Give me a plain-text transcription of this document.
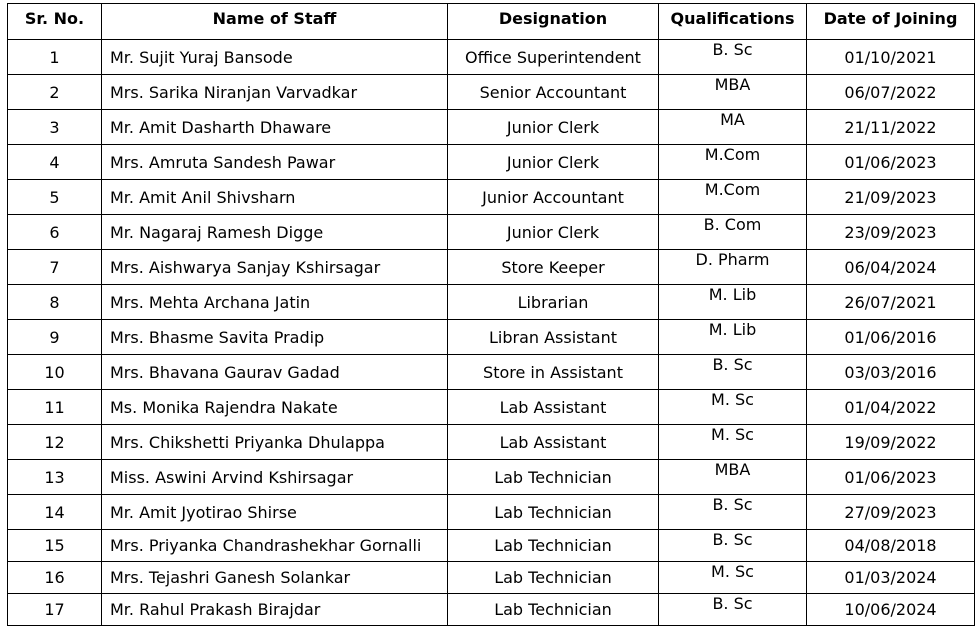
Sr. No.	Name of Staff	Designation	Qualifications	Date of Joining
1	Mr. Sujit Yuraj Bansode	Office Superintendent	B. Sc	01/10/2021
2	Mrs. Sarika Niranjan Varvadkar	Senior Accountant	MBA	06/07/2022
3	Mr. Amit Dasharth Dhaware	Junior Clerk	MA	21/11/2022
4	Mrs. Amruta Sandesh Pawar	Junior Clerk	M.Com	01/06/2023
5	Mr. Amit Anil Shivsharn	Junior Accountant	M.Com	21/09/2023
6	Mr. Nagaraj Ramesh Digge	Junior Clerk	B. Com	23/09/2023
7	Mrs. Aishwarya Sanjay Kshirsagar	Store Keeper	D. Pharm	06/04/2024
8	Mrs. Mehta Archana Jatin	Librarian	M. Lib	26/07/2021
9	Mrs. Bhasme Savita Pradip	Libran Assistant	M. Lib	01/06/2016
10	Mrs. Bhavana Gaurav Gadad	Store in Assistant	B. Sc	03/03/2016
11	Ms. Monika Rajendra Nakate	Lab Assistant	M. Sc	01/04/2022
12	Mrs. Chikshetti Priyanka Dhulappa	Lab Assistant	M. Sc	19/09/2022
13	Miss. Aswini Arvind Kshirsagar	Lab Technician	MBA	01/06/2023
14	Mr. Amit Jyotirao Shirse	Lab Technician	B. Sc	27/09/2023
15	Mrs. Priyanka Chandrashekhar Gornalli	Lab Technician	B. Sc	04/08/2018
16	Mrs. Tejashri Ganesh Solankar	Lab Technician	M. Sc	01/03/2024
17	Mr. Rahul Prakash Birajdar	Lab Technician	B. Sc	10/06/2024
